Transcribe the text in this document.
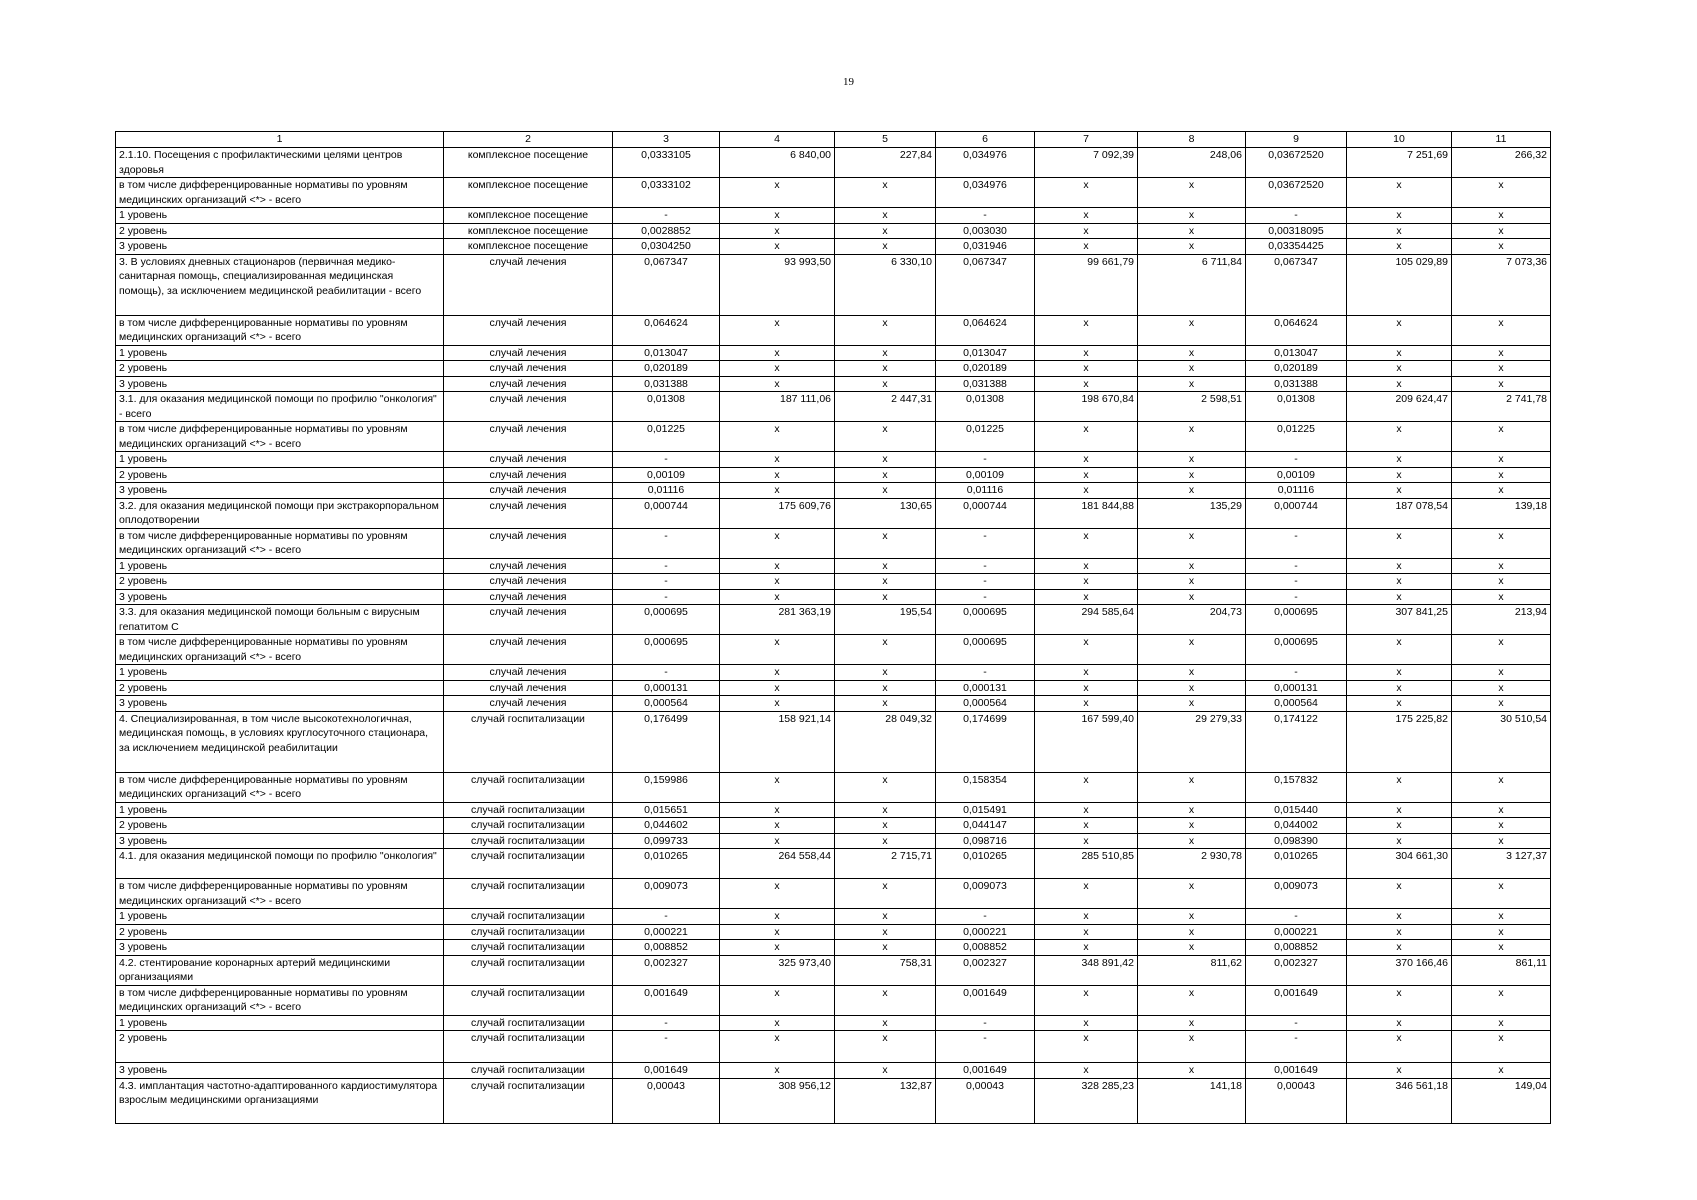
19
1	2	3	4	5	6	7	8	9	10	11
2.1.10. Посещения с профилактическими целями центров здоровья	комплексное посещение	0,0333105	6 840,00	227,84	0,034976	7 092,39	248,06	0,03672520	7 251,69	266,32
в том числе дифференцированные нормативы по уровням медицинских организаций <*> - всего	комплексное посещение	0,0333102	х	х	0,034976	х	х	0,03672520	х	х
1 уровень	комплексное посещение	-	х	х	-	х	х	-	х	х
2 уровень	комплексное посещение	0,0028852	х	х	0,003030	х	х	0,00318095	х	х
3 уровень	комплексное посещение	0,0304250	х	х	0,031946	х	х	0,03354425	х	х
3. В условиях дневных стационаров (первичная медико-санитарная помощь, специализированная медицинская помощь), за исключением медицинской реабилитации - всего	случай лечения	0,067347	93 993,50	6 330,10	0,067347	99 661,79	6 711,84	0,067347	105 029,89	7 073,36
в том числе дифференцированные нормативы по уровням медицинских организаций <*> - всего	случай лечения	0,064624	х	х	0,064624	х	х	0,064624	х	х
1 уровень	случай лечения	0,013047	х	х	0,013047	х	х	0,013047	х	х
2 уровень	случай лечения	0,020189	х	х	0,020189	х	х	0,020189	х	х
3 уровень	случай лечения	0,031388	х	х	0,031388	х	х	0,031388	х	х
3.1. для оказания медицинской помощи по профилю "онкология" - всего	случай лечения	0,01308	187 111,06	2 447,31	0,01308	198 670,84	2 598,51	0,01308	209 624,47	2 741,78
в том числе дифференцированные нормативы по уровням медицинских организаций <*> - всего	случай лечения	0,01225	х	х	0,01225	х	х	0,01225	х	х
1 уровень	случай лечения	-	х	х	-	х	х	-	х	х
2 уровень	случай лечения	0,00109	х	х	0,00109	х	х	0,00109	х	х
3 уровень	случай лечения	0,01116	х	х	0,01116	х	х	0,01116	х	х
3.2. для оказания медицинской помощи при экстракорпоральном оплодотворении	случай лечения	0,000744	175 609,76	130,65	0,000744	181 844,88	135,29	0,000744	187 078,54	139,18
в том числе дифференцированные нормативы по уровням медицинских организаций <*> - всего	случай лечения	-	х	х	-	х	х	-	х	х
1 уровень	случай лечения	-	х	х	-	х	х	-	х	х
2 уровень	случай лечения	-	х	х	-	х	х	-	х	х
3 уровень	случай лечения	-	х	х	-	х	х	-	х	х
3.3. для оказания медицинской помощи больным с вирусным гепатитом С	случай лечения	0,000695	281 363,19	195,54	0,000695	294 585,64	204,73	0,000695	307 841,25	213,94
в том числе дифференцированные нормативы по уровням медицинских организаций <*> - всего	случай лечения	0,000695	х	х	0,000695	х	х	0,000695	х	х
1 уровень	случай лечения	-	х	х	-	х	х	-	х	х
2 уровень	случай лечения	0,000131	х	х	0,000131	х	х	0,000131	х	х
3 уровень	случай лечения	0,000564	х	х	0,000564	х	х	0,000564	х	х
4. Специализированная, в том числе высокотехнологичная, медицинская помощь, в условиях круглосуточного стационара, за исключением медицинской реабилитации	случай госпитализации	0,176499	158 921,14	28 049,32	0,174699	167 599,40	29 279,33	0,174122	175 225,82	30 510,54
в том числе дифференцированные нормативы по уровням медицинских организаций <*> - всего	случай госпитализации	0,159986	х	х	0,158354	х	х	0,157832	х	х
1 уровень	случай госпитализации	0,015651	х	х	0,015491	х	х	0,015440	х	х
2 уровень	случай госпитализации	0,044602	х	х	0,044147	х	х	0,044002	х	х
3 уровень	случай госпитализации	0,099733	х	х	0,098716	х	х	0,098390	х	х
4.1. для оказания медицинской помощи по профилю "онкология"	случай госпитализации	0,010265	264 558,44	2 715,71	0,010265	285 510,85	2 930,78	0,010265	304 661,30	3 127,37
в том числе дифференцированные нормативы по уровням медицинских организаций <*> - всего	случай госпитализации	0,009073	х	х	0,009073	х	х	0,009073	х	х
1 уровень	случай госпитализации	-	х	х	-	х	х	-	х	х
2 уровень	случай госпитализации	0,000221	х	х	0,000221	х	х	0,000221	х	х
3 уровень	случай госпитализации	0,008852	х	х	0,008852	х	х	0,008852	х	х
4.2. стентирование коронарных артерий медицинскими организациями	случай госпитализации	0,002327	325 973,40	758,31	0,002327	348 891,42	811,62	0,002327	370 166,46	861,11
в том числе дифференцированные нормативы по уровням медицинских организаций <*> - всего	случай госпитализации	0,001649	х	х	0,001649	х	х	0,001649	х	х
1 уровень	случай госпитализации	-	х	х	-	х	х	-	х	х
2 уровень	случай госпитализации	-	х	х	-	х	х	-	х	х
3 уровень	случай госпитализации	0,001649	х	х	0,001649	х	х	0,001649	х	х
4.3. имплантация частотно-адаптированного кардиостимулятора взрослым медицинскими организациями	случай госпитализации	0,00043	308 956,12	132,87	0,00043	328 285,23	141,18	0,00043	346 561,18	149,04
